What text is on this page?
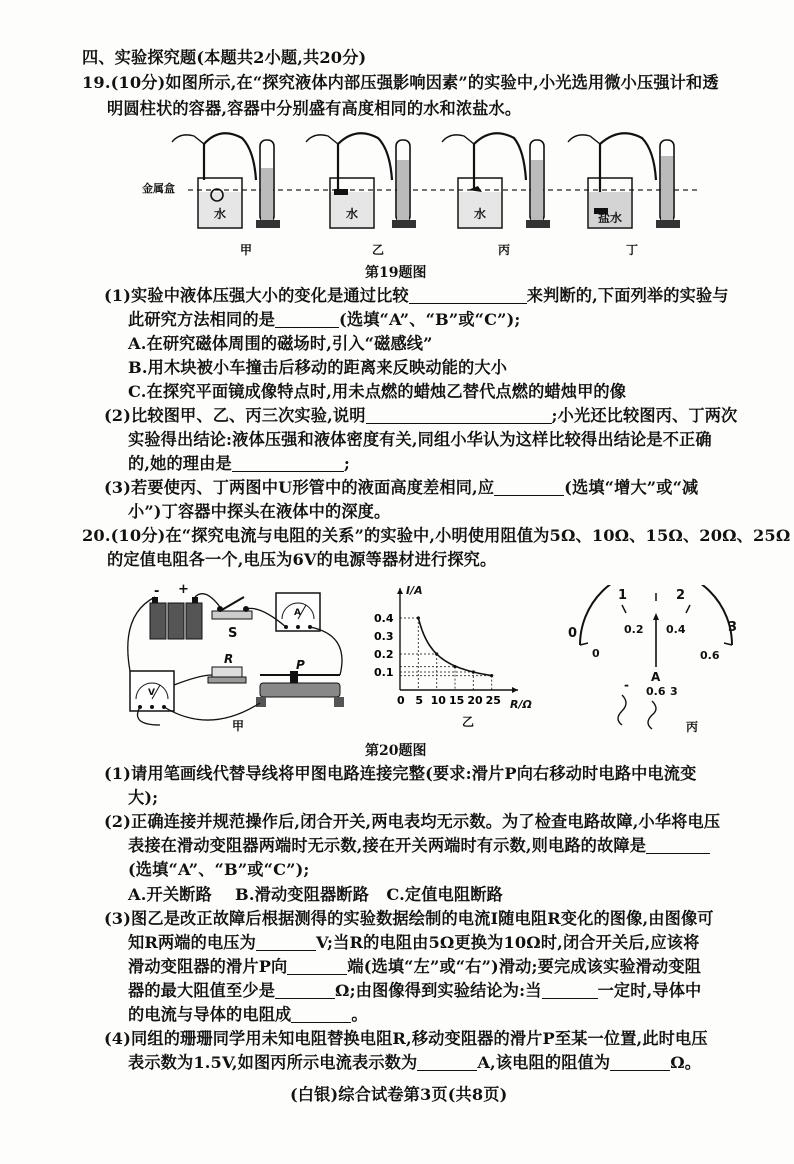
四、实验探究题(本题共2小题,共20分)
19.(10分)如图所示,在“探究液体内部压强影响因素”的实验中,小光选用微小压强计和透
明圆柱状的容器,容器中分别盛有高度相同的水和浓盐水。
金属盒
水
甲
水
乙
水
丙
盐水
丁
第19题图
(1)实验中液体压强大小的变化是通过比较	来判断的,下面列举的实验与
此研究方法相同的是	(选填“A”、“B”或“C”);
A.在研究磁体周围的磁场时,引入“磁感线”
B.用木块被小车撞击后移动的距离来反映动能的大小
C.在探究平面镜成像特点时,用未点燃的蜡烛乙替代点燃的蜡烛甲的像
(2)比较图甲、乙、丙三次实验,说明	;小光还比较图丙、丁两次
实验得出结论:液体压强和液体密度有关,同组小华认为这样比较得出结论是不正确
的,她的理由是	;
(3)若要使丙、丁两图中U形管中的液面高度差相同,应	(选填“增大”或“减
小”)丁容器中探头在液体中的深度。
20.(10分)在“探究电流与电阻的关系”的实验中,小明使用阻值为5Ω、10Ω、15Ω、20Ω、25Ω
的定值电阻各一个,电压为6V的电源等器材进行探究。
+
-
S
A
R
V
P
甲
I/A
R/Ω
0 5 10 15 20 25
0.1
0.2
0.3
0.4
乙
0
1	2
3
0
0.2 0.4
0.6
A
- 0.6 3
丙
第20题图
(1)请用笔画线代替导线将甲图电路连接完整(要求:滑片P向右移动时电路中电流变
大);
(2)正确连接并规范操作后,闭合开关,两电表均无示数。为了检查电路故障,小华将电压
表接在滑动变阻器两端时无示数,接在开关两端时有示数,则电路的故障是
(选填“A”、“B”或“C”);
A.开关断路    B.滑动变阻器断路   C.定值电阻断路
(3)图乙是改正故障后根据测得的实验数据绘制的电流I随电阻R变化的图像,由图像可
知R两端的电压为	V;当R的电阻由5Ω更换为10Ω时,闭合开关后,应该将
滑动变阻器的滑片P向	端(选填“左”或“右”)滑动;要完成该实验滑动变阻
器的最大阻值至少是	Ω;由图像得到实验结论为:当	一定时,导体中
的电流与导体的电阻成	。
(4)同组的珊珊同学用未知电阻替换电阻R,移动变阻器的滑片P至某一位置,此时电压
表示数为1.5V,如图丙所示电流表示数为	A,该电阻的阻值为	Ω。
(白银)综合试卷第3页(共8页)
